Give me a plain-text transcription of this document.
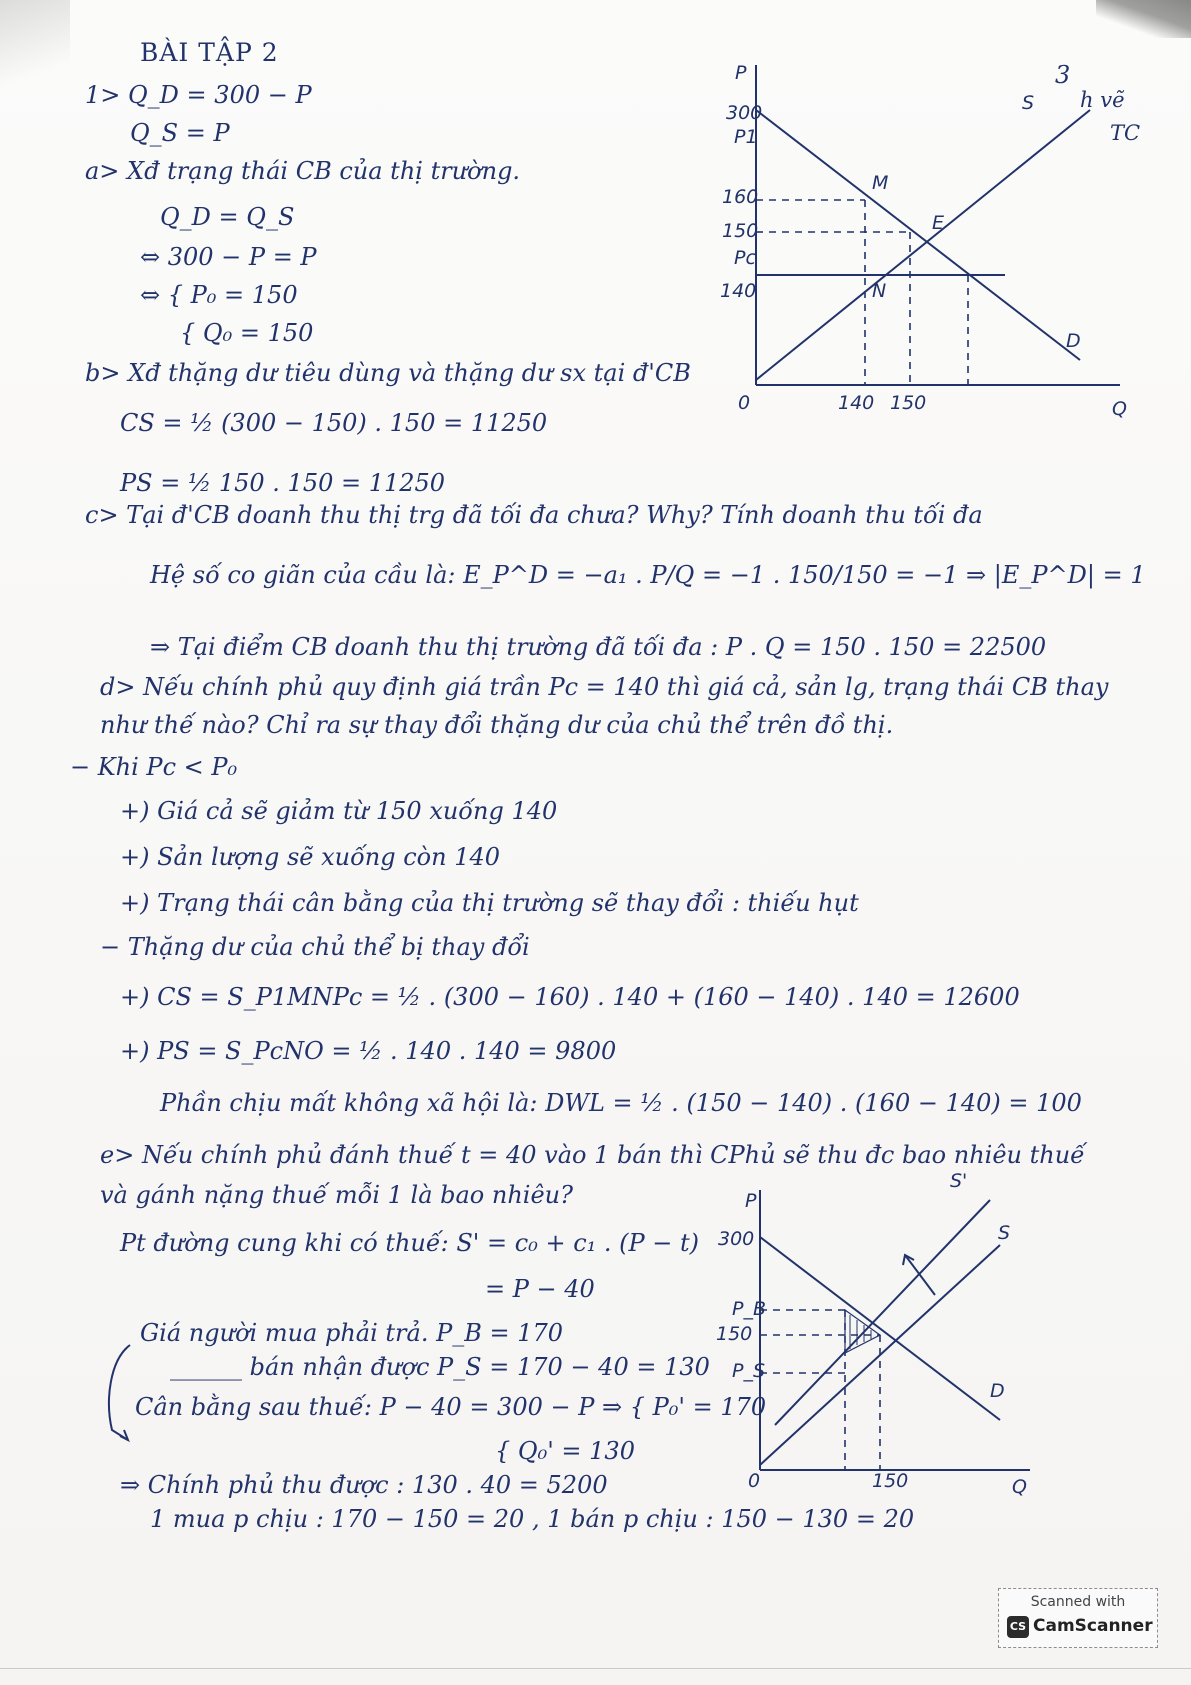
BÀI TẬP 2
1> Q_D = 300 − P
Q_S = P
a> Xđ trạng thái CB của thị trường.
Q_D = Q_S
⇔ 300 − P = P
⇔ { P₀ = 150
{ Q₀ = 150
b> Xđ thặng dư tiêu dùng và thặng dư sx tại đ'CB
CS = ½ (300 − 150) . 150 = 11250
PS = ½ 150 . 150 = 11250
c> Tại đ'CB doanh thu thị trg đã tối đa chưa? Why? Tính doanh thu tối đa
Hệ số co giãn của cầu là: E_P^D = −a₁ . P/Q = −1 . 150/150 = −1 ⇒ |E_P^D| = 1
⇒ Tại điểm CB doanh thu thị trường đã tối đa : P . Q = 150 . 150 = 22500
d> Nếu chính phủ quy định giá trần Pc = 140 thì giá cả, sản lg, trạng thái CB thay
như thế nào? Chỉ ra sự thay đổi thặng dư của chủ thể trên đồ thị.
− Khi Pc < P₀
+) Giá cả sẽ giảm từ 150 xuống 140
+) Sản lượng sẽ xuống còn 140
+) Trạng thái cân bằng của thị trường sẽ thay đổi : thiếu hụt
− Thặng dư của chủ thể bị thay đổi
+) CS = S_P1MNPc = ½ . (300 − 160) . 140 + (160 − 140) . 140 = 12600
+) PS = S_PcNO = ½ . 140 . 140 = 9800
Phần chịu mất không xã hội là: DWL = ½ . (150 − 140) . (160 − 140) = 100
e> Nếu chính phủ đánh thuế t = 40 vào 1 bán thì CPhủ sẽ thu đc bao nhiêu thuế
và gánh nặng thuế mỗi 1 là bao nhiêu?
Pt đường cung khi có thuế: S' = c₀ + c₁ . (P − t)
= P − 40
Giá người mua phải trả. P_B = 170
______ bán nhận được P_S = 170 − 40 = 130
Cân bằng sau thuế: P − 40 = 300 − P ⇒ { P₀' = 170
{ Q₀' = 130
⇒ Chính phủ thu được : 130 . 40 = 5200
1 mua p chịu : 170 − 150 = 20 , 1 bán p chịu : 150 − 130 = 20
3
h vẽ
TC
P
300
P1
160
150
Pc
140
0	140 150	Q
S
D
M
E
N
P
300
P_B
150
P_S
0	150	Q
S
S'
D
Scanned with
CS CamScanner
